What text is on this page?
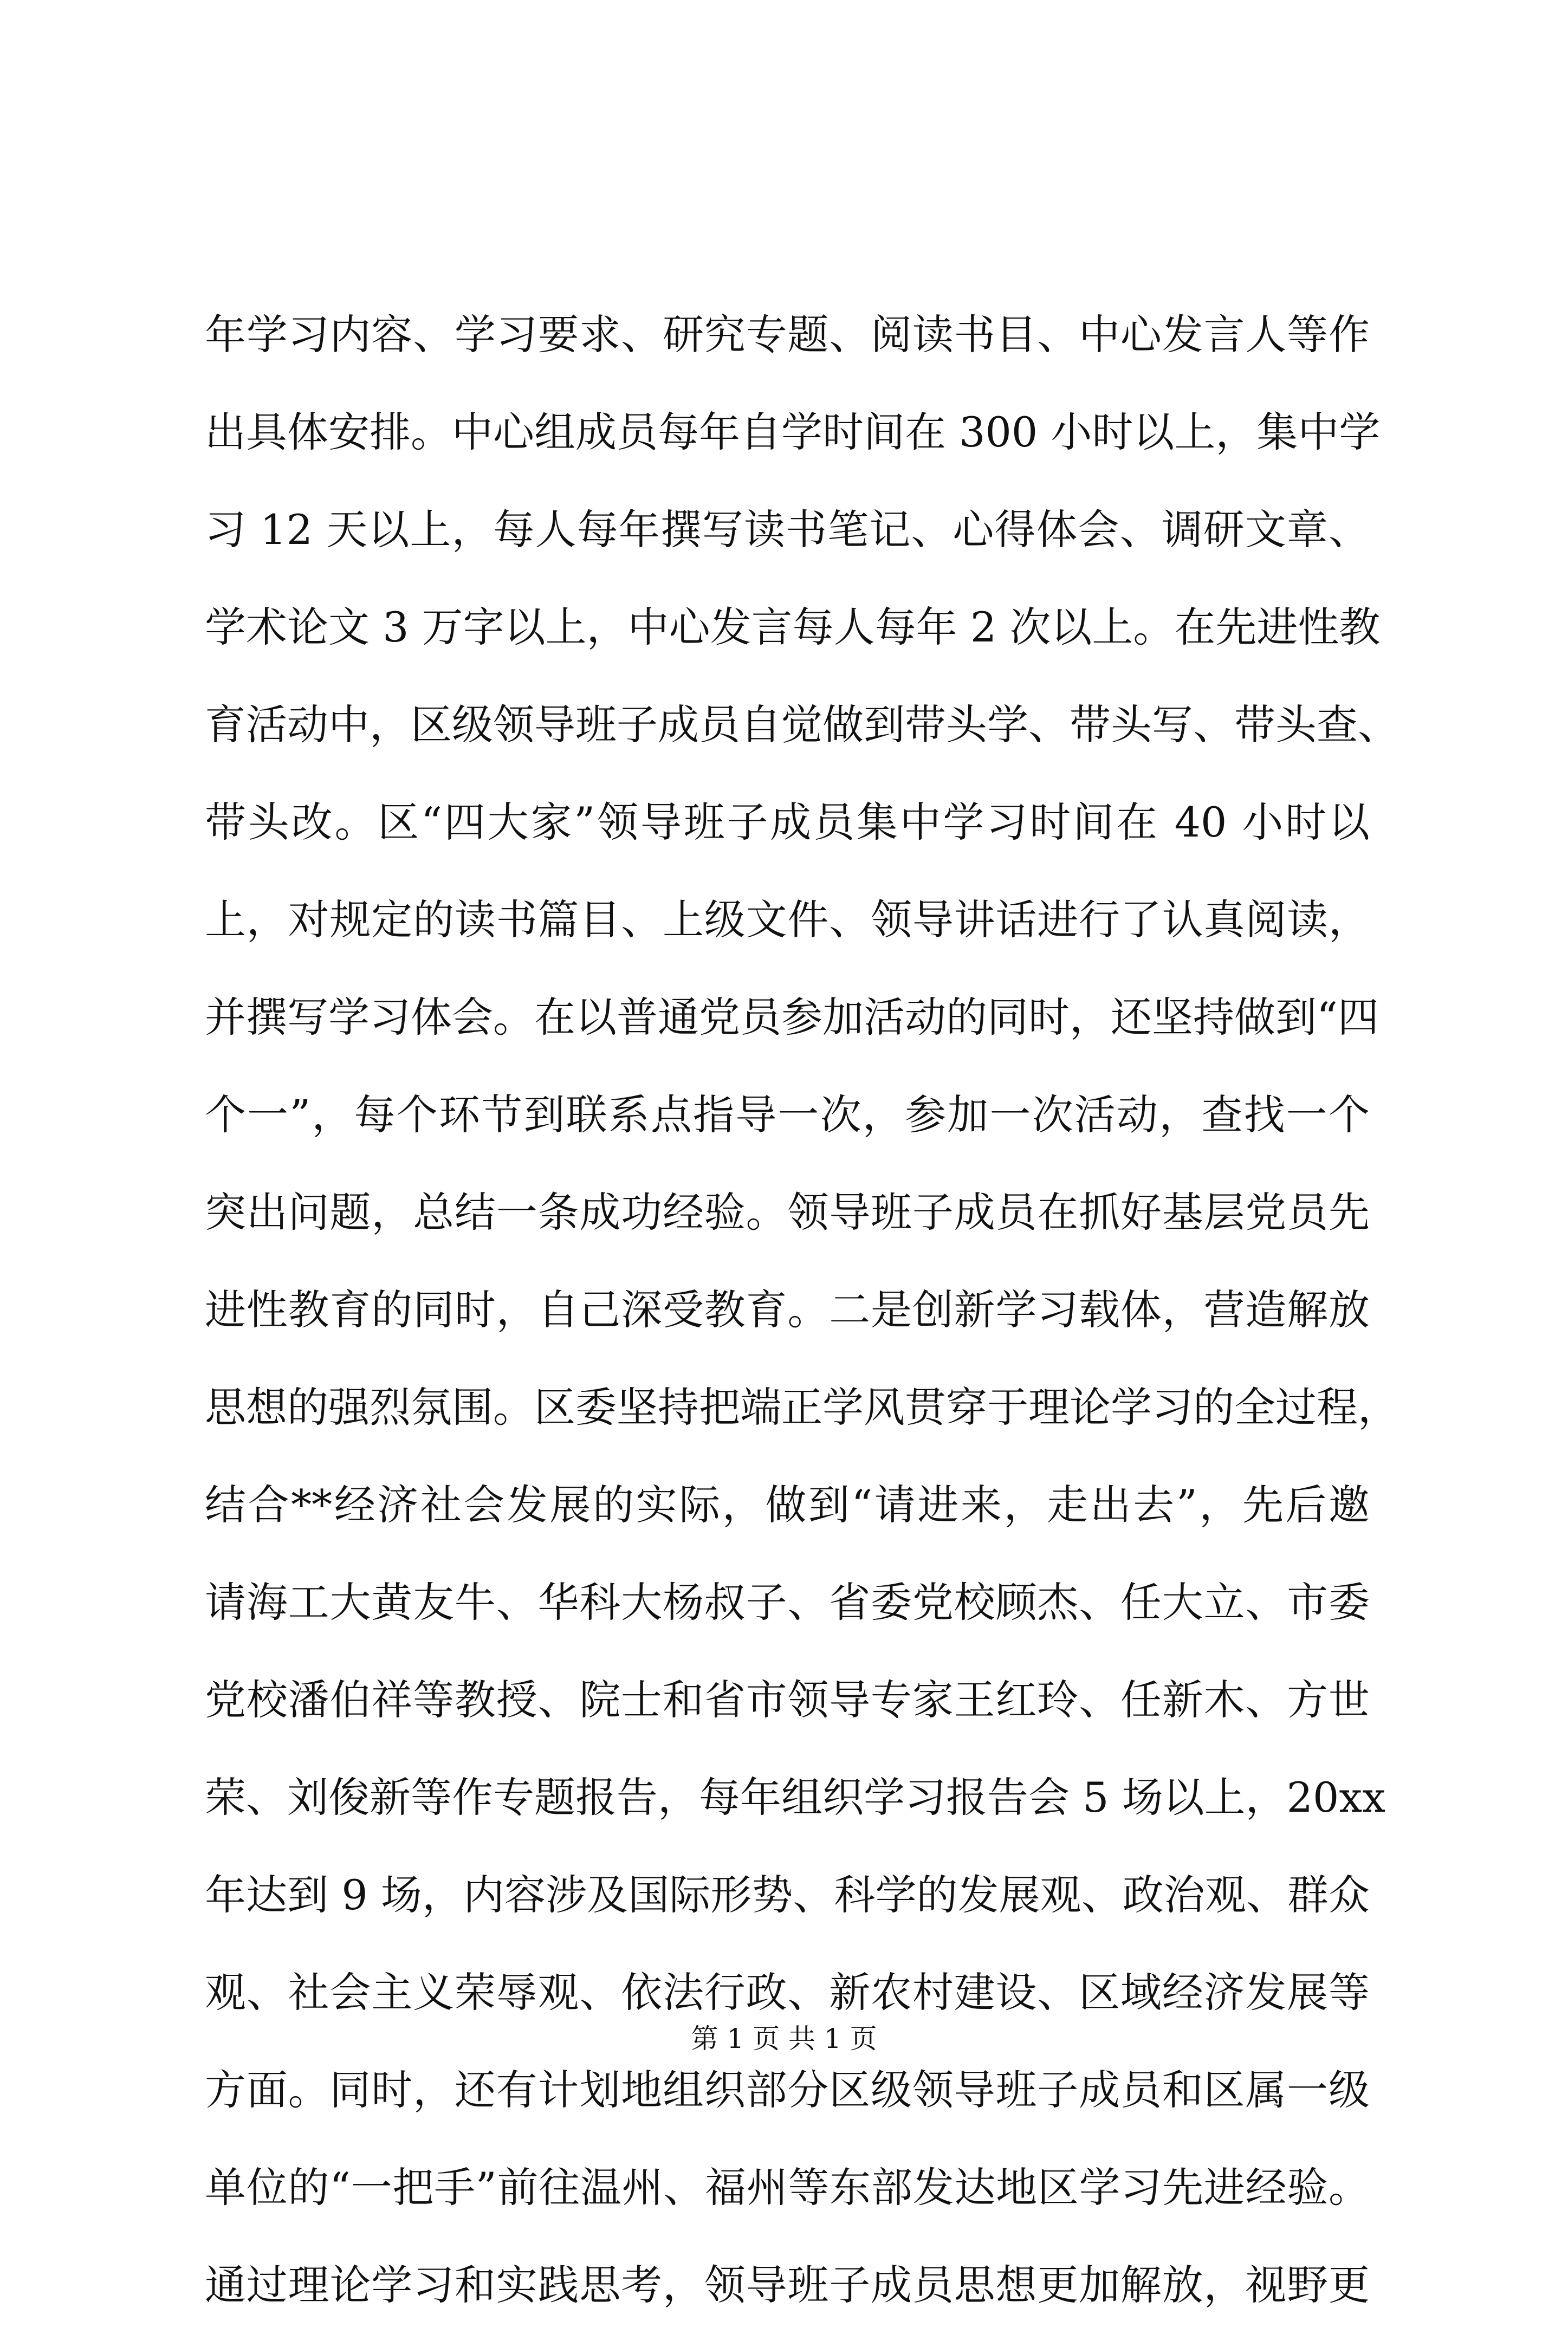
年学习内容、学习要求、研究专题、阅读书目、中心发言人等作
出具体安排。中心组成员每年自学时间在 300 小时以上，集中学
习 12 天以上，每人每年撰写读书笔记、心得体会、调研文章、
学术论文 3 万字以上，中心发言每人每年 2 次以上。在先进性教
育活动中，区级领导班子成员自觉做到带头学、带头写、带头查、
带头改。区“四大家”领导班子成员集中学习时间在 40 小时以
上，对规定的读书篇目、上级文件、领导讲话进行了认真阅读，
并撰写学习体会。在以普通党员参加活动的同时，还坚持做到“四
个一”，每个环节到联系点指导一次，参加一次活动，查找一个
突出问题，总结一条成功经验。领导班子成员在抓好基层党员先
进性教育的同时，自己深受教育。二是创新学习载体，营造解放
思想的强烈氛围。区委坚持把端正学风贯穿于理论学习的全过程，
结合**经济社会发展的实际，做到“请进来，走出去”，先后邀
请海工大黄友牛、华科大杨叔子、省委党校顾杰、任大立、市委
党校潘伯祥等教授、院士和省市领导专家王红玲、任新木、方世
荣、刘俊新等作专题报告，每年组织学习报告会 5 场以上，20xx
年达到 9 场，内容涉及国际形势、科学的发展观、政治观、群众
观、社会主义荣辱观、依法行政、新农村建设、区域经济发展等
方面。同时，还有计划地组织部分区级领导班子成员和区属一级
单位的“一把手”前往温州、福州等东部发达地区学习先进经验。
通过理论学习和实践思考，领导班子成员思想更加解放，视野更
第 1 页 共 1 页
